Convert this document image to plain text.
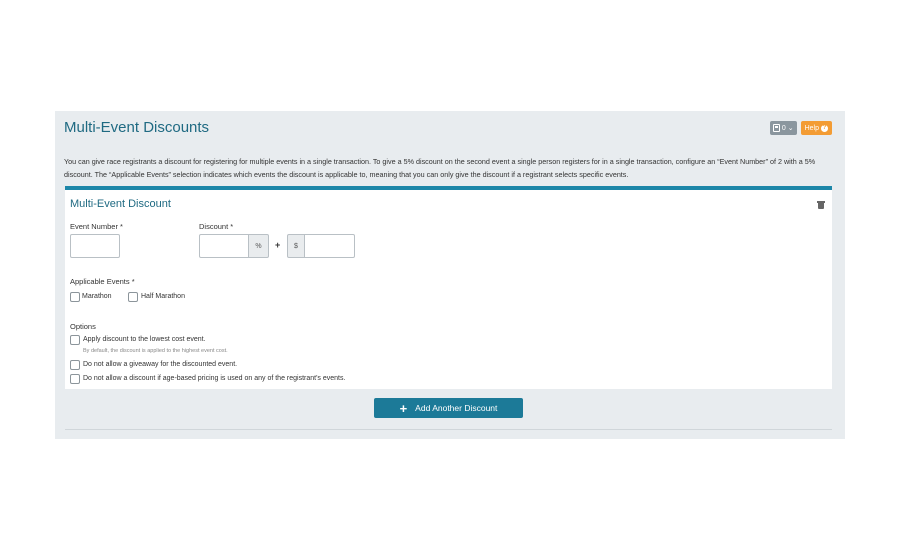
Multi-Event Discounts	0 ⌄ Help ?
You can give race registrants a discount for registering for multiple events in a single transaction. To give a 5% discount on the second event a single person registers for in a single transaction, configure an “Event Number” of 2 with a 5% discount. The “Applicable Events” selection indicates which events the discount is applicable to, meaning that you can only give the discount if a registrant selects specific events.
Multi-Event Discount
Event Number *	Discount *
%	+	$
Applicable Events *
Marathon	Half Marathon
Options
Apply discount to the lowest cost event.
By default, the discount is applied to the highest event cost.
Do not allow a giveaway for the discounted event.
Do not allow a discount if age-based pricing is used on any of the registrant's events.
+ Add Another Discount
